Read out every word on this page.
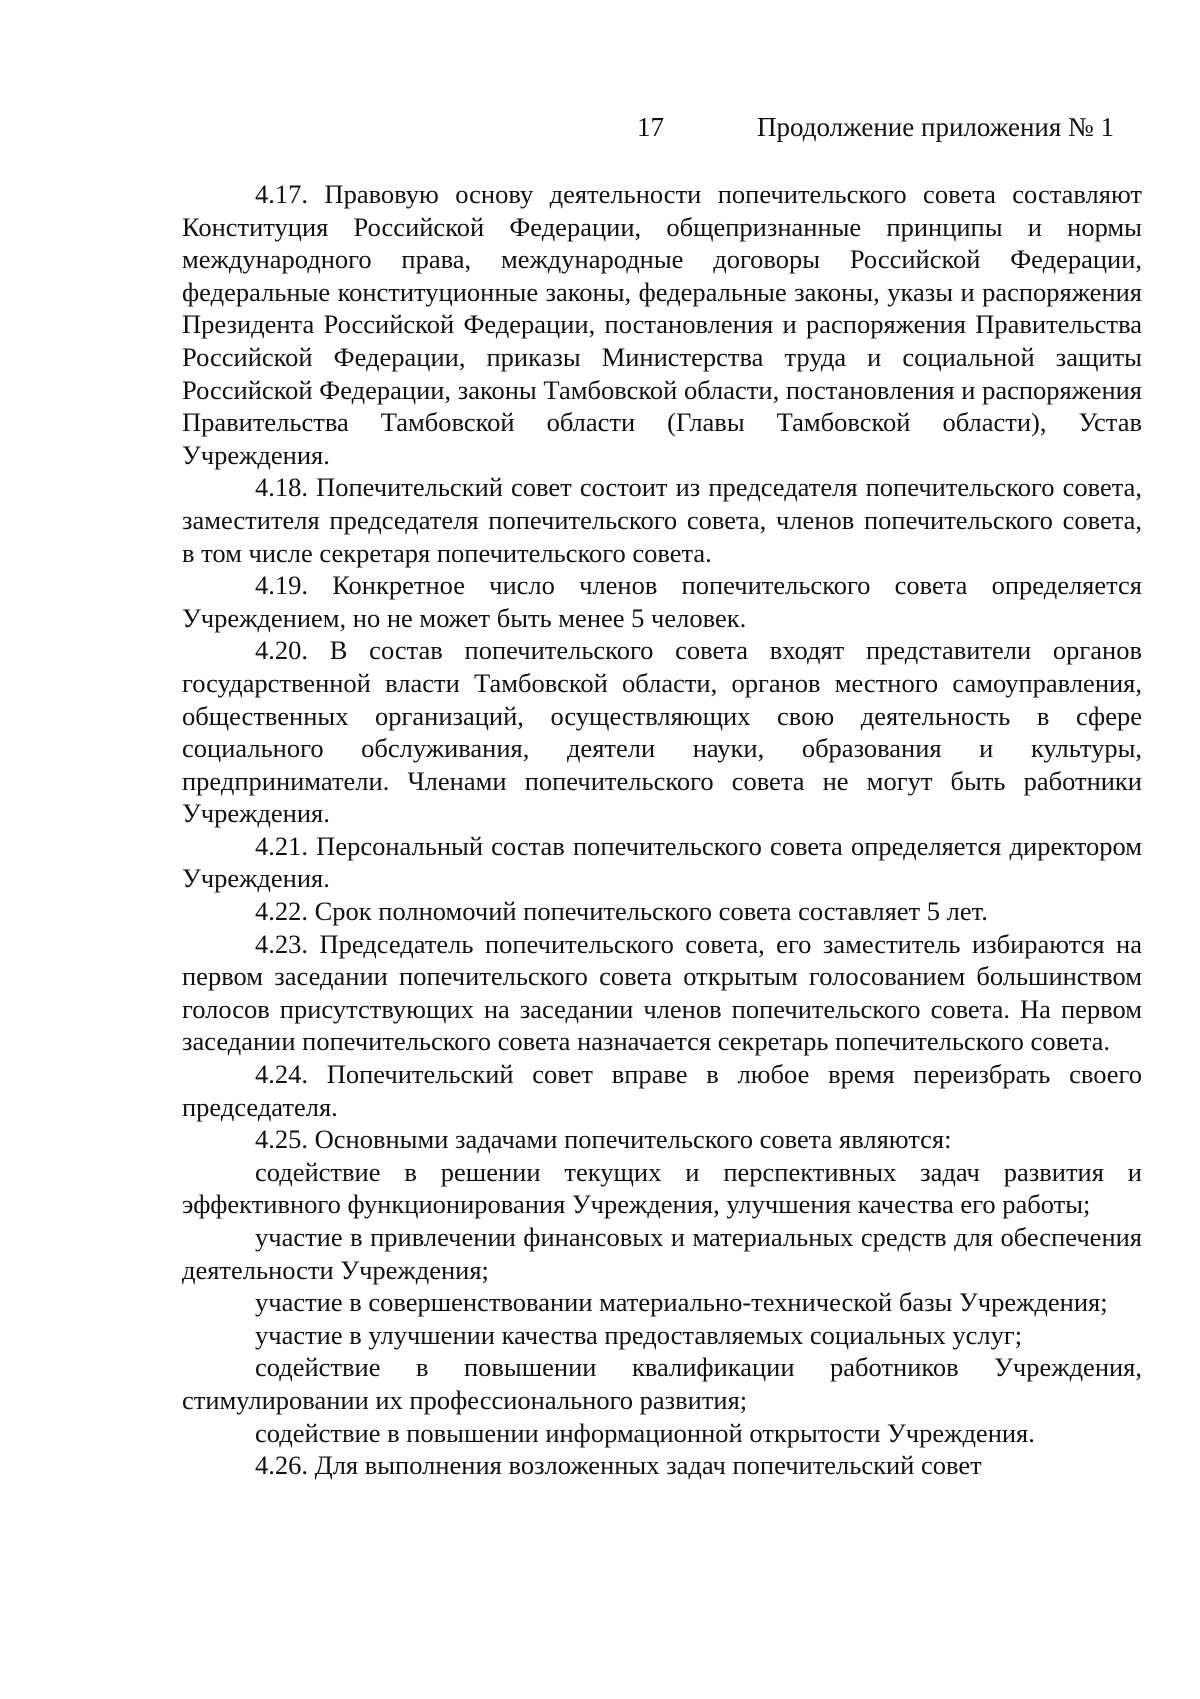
17	Продолжение приложения № 1

4.17. Правовую основу деятельности попечительского совета составляют Конституция Российской Федерации, общепризнанные принципы и нормы международного права, международные договоры Российской Федерации, федеральные конституционные законы, федеральные законы, указы и распоряжения Президента Российской Федерации, постановления и распоряжения Правительства Российской Федерации, приказы Министерства труда и социальной защиты Российской Федерации, законы Тамбовской области, постановления и распоряжения Правительства Тамбовской области (Главы Тамбовской области), Устав Учреждения.

4.18. Попечительский совет состоит из председателя попечительского совета, заместителя председателя попечительского совета, членов попечительского совета, в том числе секретаря попечительского совета.

4.19. Конкретное число членов попечительского совета определяется Учреждением, но не может быть менее 5 человек.

4.20. В состав попечительского совета входят представители органов государственной власти Тамбовской области, органов местного самоуправления, общественных организаций, осуществляющих свою деятельность в сфере социального обслуживания, деятели науки, образования и культуры, предприниматели. Членами попечительского совета не могут быть работники Учреждения.

4.21. Персональный состав попечительского совета определяется директором Учреждения.

4.22. Срок полномочий попечительского совета составляет 5 лет.

4.23. Председатель попечительского совета, его заместитель избираются на первом заседании попечительского совета открытым голосованием большинством голосов присутствующих на заседании членов попечительского совета. На первом заседании попечительского совета назначается секретарь попечительского совета.

4.24. Попечительский совет вправе в любое время переизбрать своего председателя.

4.25. Основными задачами попечительского совета являются:

содействие в решении текущих и перспективных задач развития и эффективного функционирования Учреждения, улучшения качества его работы;

участие в привлечении финансовых и материальных средств для обеспечения деятельности Учреждения;

участие в совершенствовании материально-технической базы Учреждения;

участие в улучшении качества предоставляемых социальных услуг;

содействие в повышении квалификации работников Учреждения, стимулировании их профессионального развития;

содействие в повышении информационной открытости Учреждения.

4.26. Для выполнения возложенных задач попечительский совет
